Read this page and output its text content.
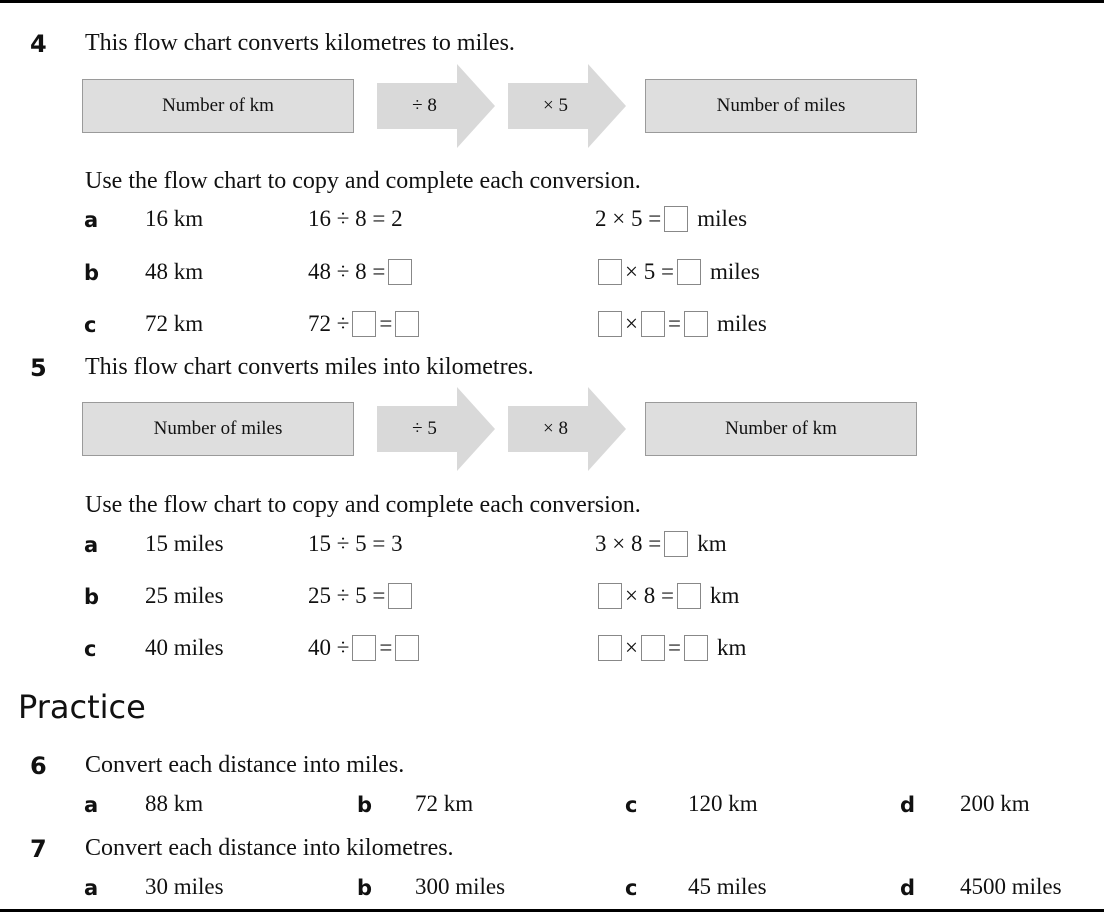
4 This flow chart converts kilometres to miles.
Number of km	÷ 8	× 5	Number of miles
Use the flow chart to copy and complete each conversion.
a 16 km	16 ÷ 8 = 2	2 × 5 = miles
b 48 km	48 ÷ 8 =	× 5 = miles
c 72 km	72 ÷ =	× = miles
5 This flow chart converts miles into kilometres.
Number of miles	÷ 5	× 8	Number of km
Use the flow chart to copy and complete each conversion.
a 15 miles	15 ÷ 5 = 3	3 × 8 = km
b 25 miles	25 ÷ 5 =	× 8 = km
c 40 miles	40 ÷ =	× = km
Practice
6 Convert each distance into miles.
a 88 km	b 72 km	c 120 km	d 200 km
7 Convert each distance into kilometres.
a 30 miles	b 300 miles	c 45 miles	d 4500 miles
